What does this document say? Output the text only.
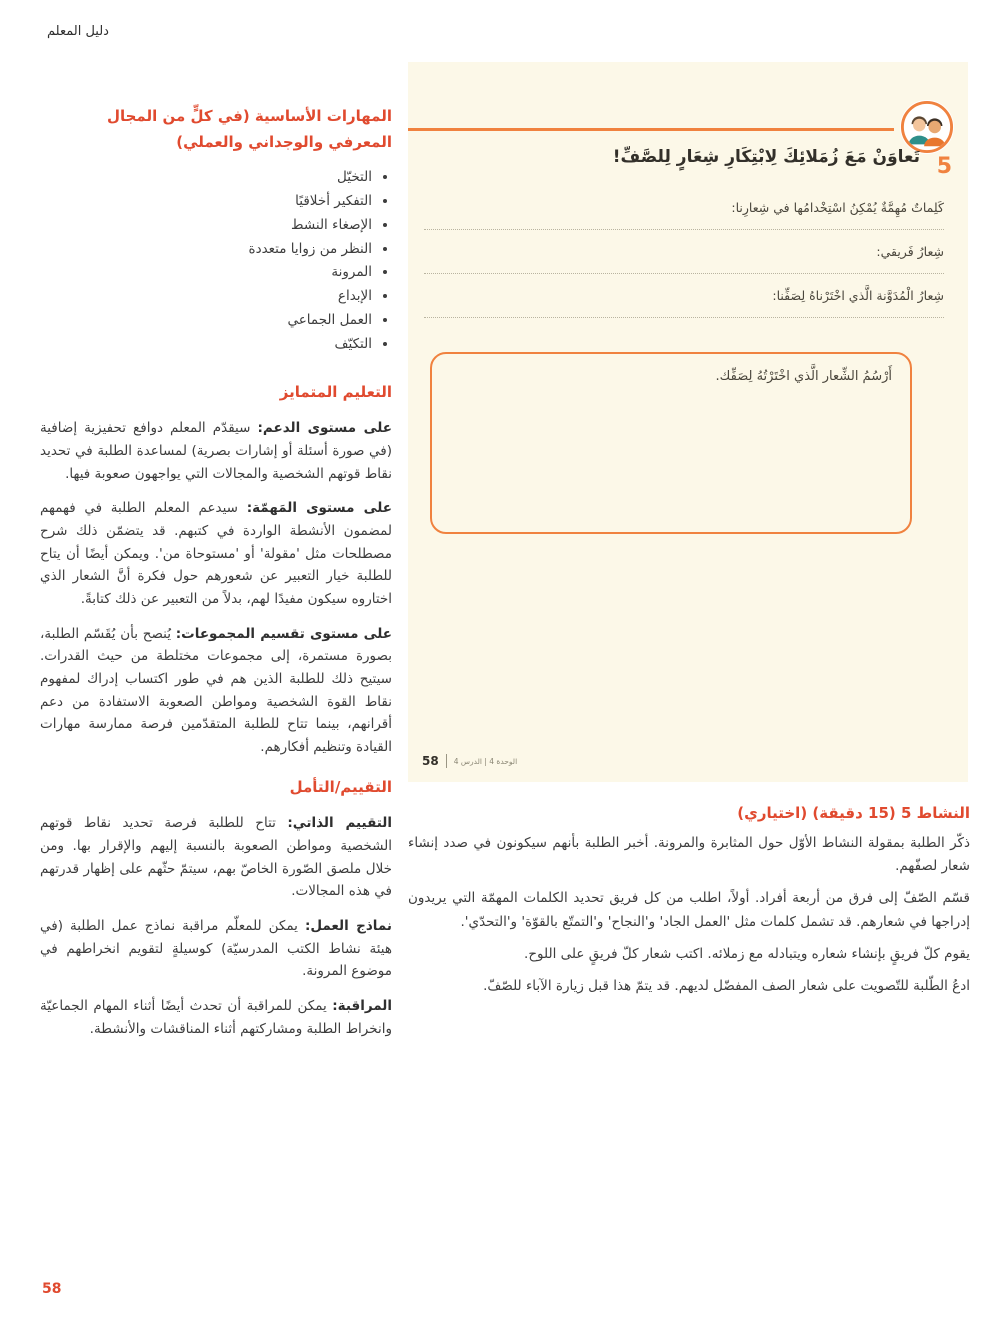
دليل المعلم
المهارات الأساسية (في كلٍّ من المجال المعرفي والوجداني والعملي)
• التخيّل
• التفكير أخلاقيًا
• الإصغاء النشط
• النظر من زوايا متعددة
• المرونة
• الإبداع
• العمل الجماعي
• التكيّف
التعليم المتمايز

على مستوى الدعم: سيقدّم المعلم دوافع تحفيزية إضافية (في صورة أسئلة أو إشارات بصرية) لمساعدة الطلبة في تحديد نقاط قوتهم الشخصية والمجالات التي يواجهون صعوبة فيها.

على مستوى المَهمّة: سيدعم المعلم الطلبة في فهمهم لمضمون الأنشطة الواردة في كتبهم. قد يتضمّن ذلك شرح مصطلحات مثل 'مقولة' أو 'مستوحاة من'. ويمكن أيضًا أن يتاح للطلبة خيار التعبير عن شعورهم حول فكرة أنَّ الشعار الذي اختاروه سيكون مفيدًا لهم، بدلاً من التعبير عن ذلك كتابةً.

على مستوى تقسيم المجموعات: يُنصح بأن يُقَسّم الطلبة، بصورة مستمرة، إلى مجموعات مختلطة من حيث القدرات. سيتيح ذلك للطلبة الذين هم في طور اكتساب إدراك لمفهوم نقاط القوة الشخصية ومواطن الصعوبة الاستفادة من دعم أقرانهم، بينما تتاح للطلبة المتقدّمين فرصة ممارسة مهارات القيادة وتنظيم أفكارهم.

التقييم/التأمل

التقييم الذاتي: تتاح للطلبة فرصة تحديد نقاط قوتهم الشخصية ومواطن الصعوبة بالنسبة إليهم والإقرار بها. ومن خلال ملصق الصّورة الخاصّ بهم، سيتمّ حثّهم على إظهار قدرتهم في هذه المجالات.

نماذج العمل: يمكن للمعلّم مراقبة نماذج عمل الطلبة (في هيئة نشاط الكتب المدرسيّة) كوسيلةٍ لتقويم انخراطهم في موضوع المرونة.

المراقبة: يمكن للمراقبة أن تحدث أيضًا أثناء المهام الجماعيّة وانخراط الطلبة ومشاركتهم أثناء المناقشات والأنشطة.

5
تَعاوَنْ مَعَ زُمَلائِكَ لِابْتِكَارِ شِعَارٍ لِلصَّفِّ!
كَلِماتٌ مُهِمَّةٌ يُمْكِنُ اسْتِخْدامُها في شِعارِنا:
شِعارُ فَريقي:
شِعارُ الْمُدَوَّنة الَّذي اخْتَرْناهُ لِصَفِّنا:
أَرْسُمُ الشِّعار الَّذي اخْتَرْتُهُ لِصَفِّك.
58 الوحدة 4 | الدرس 4
النشاط 5 (15 دقيقة) (اختياري)

ذكّر الطلبة بمقولة النشاط الأوّل حول المثابرة والمرونة. أخبر الطلبة بأنهم سيكونون في صدد إنشاء شعار لصفّهم.

قسّم الصّفّ إلى فرق من أربعة أفراد. أولاً، اطلب من كل فريق تحديد الكلمات المهمّة التي يريدون إدراجها في شعارهم. قد تشمل كلمات مثل 'العمل الجاد' و'النجاح' و'التمتّع بالقوّة' و'التحدّي'.

يقوم كلّ فريقٍ بإنشاء شعاره ويتبادله مع زملائه. اكتب شعار كلّ فريقٍ على اللوح.

ادعُ الطّلبة للتّصويت على شعار الصف المفضّل لديهم. قد يتمّ هذا قبل زيارة الآباء للصّفّ.

58
